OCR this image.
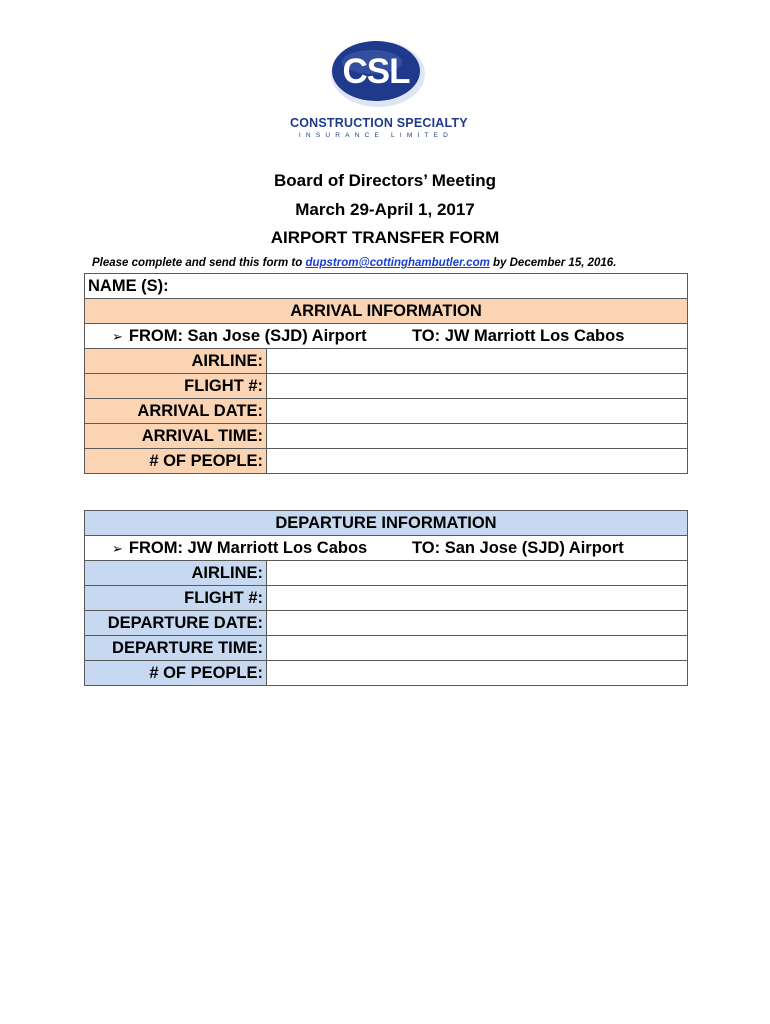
CSL
CONSTRUCTION SPECIALTY
INSURANCE LIMITED
Board of Directors’ Meeting
March 29-April 1, 2017
AIRPORT TRANSFER FORM
Please complete and send this form to dupstrom@cottinghambutler.com by December 15, 2016.
NAME (S):	
ARRIVAL INFORMATION	
➢ FROM: San Jose (SJD) Airport TO: JW Marriott Los Cabos	
AIRLINE:	
FLIGHT #:	
ARRIVAL DATE:	
ARRIVAL TIME:	
# OF PEOPLE:	
DEPARTURE INFORMATION	
➢ FROM: JW Marriott Los Cabos TO: San Jose (SJD) Airport	
AIRLINE:	
FLIGHT #:	
DEPARTURE DATE:	
DEPARTURE TIME:	
# OF PEOPLE:	
